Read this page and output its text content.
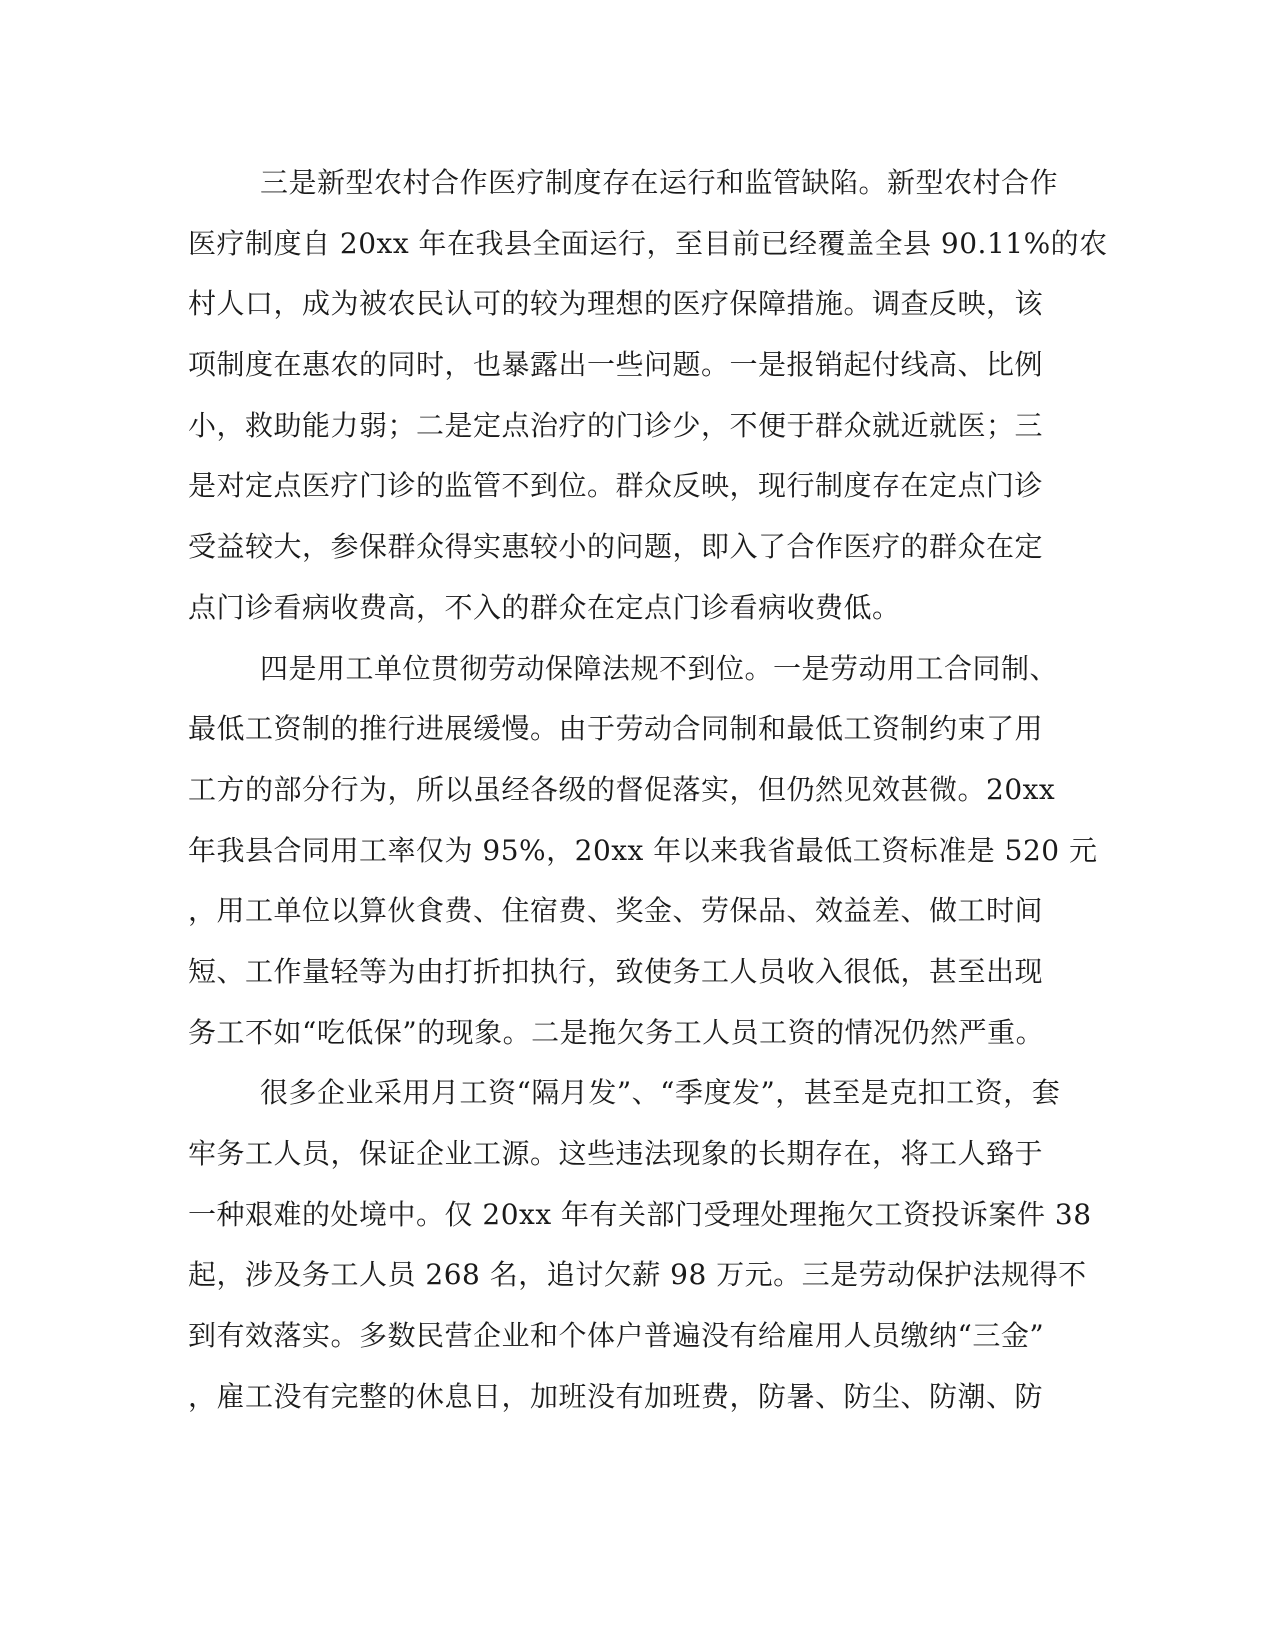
三是新型农村合作医疗制度存在运行和监管缺陷。新型农村合作
医疗制度自 20xx 年在我县全面运行，至目前已经覆盖全县 90.11%的农
村人口，成为被农民认可的较为理想的医疗保障措施。调查反映，该
项制度在惠农的同时，也暴露出一些问题。一是报销起付线高、比例
小，救助能力弱；二是定点治疗的门诊少，不便于群众就近就医；三
是对定点医疗门诊的监管不到位。群众反映，现行制度存在定点门诊
受益较大，参保群众得实惠较小的问题，即入了合作医疗的群众在定
点门诊看病收费高，不入的群众在定点门诊看病收费低。
四是用工单位贯彻劳动保障法规不到位。一是劳动用工合同制、
最低工资制的推行进展缓慢。由于劳动合同制和最低工资制约束了用
工方的部分行为，所以虽经各级的督促落实，但仍然见效甚微。20xx
年我县合同用工率仅为 95%，20xx 年以来我省最低工资标准是 520 元
，用工单位以算伙食费、住宿费、奖金、劳保品、效益差、做工时间
短、工作量轻等为由打折扣执行，致使务工人员收入很低，甚至出现
务工不如“吃低保”的现象。二是拖欠务工人员工资的情况仍然严重。
很多企业采用月工资“隔月发”、“季度发”，甚至是克扣工资，套
牢务工人员，保证企业工源。这些违法现象的长期存在，将工人臵于
一种艰难的处境中。仅 20xx 年有关部门受理处理拖欠工资投诉案件 38
起，涉及务工人员 268 名，追讨欠薪 98 万元。三是劳动保护法规得不
到有效落实。多数民营企业和个体户普遍没有给雇用人员缴纳“三金”
，雇工没有完整的休息日，加班没有加班费，防暑、防尘、防潮、防
